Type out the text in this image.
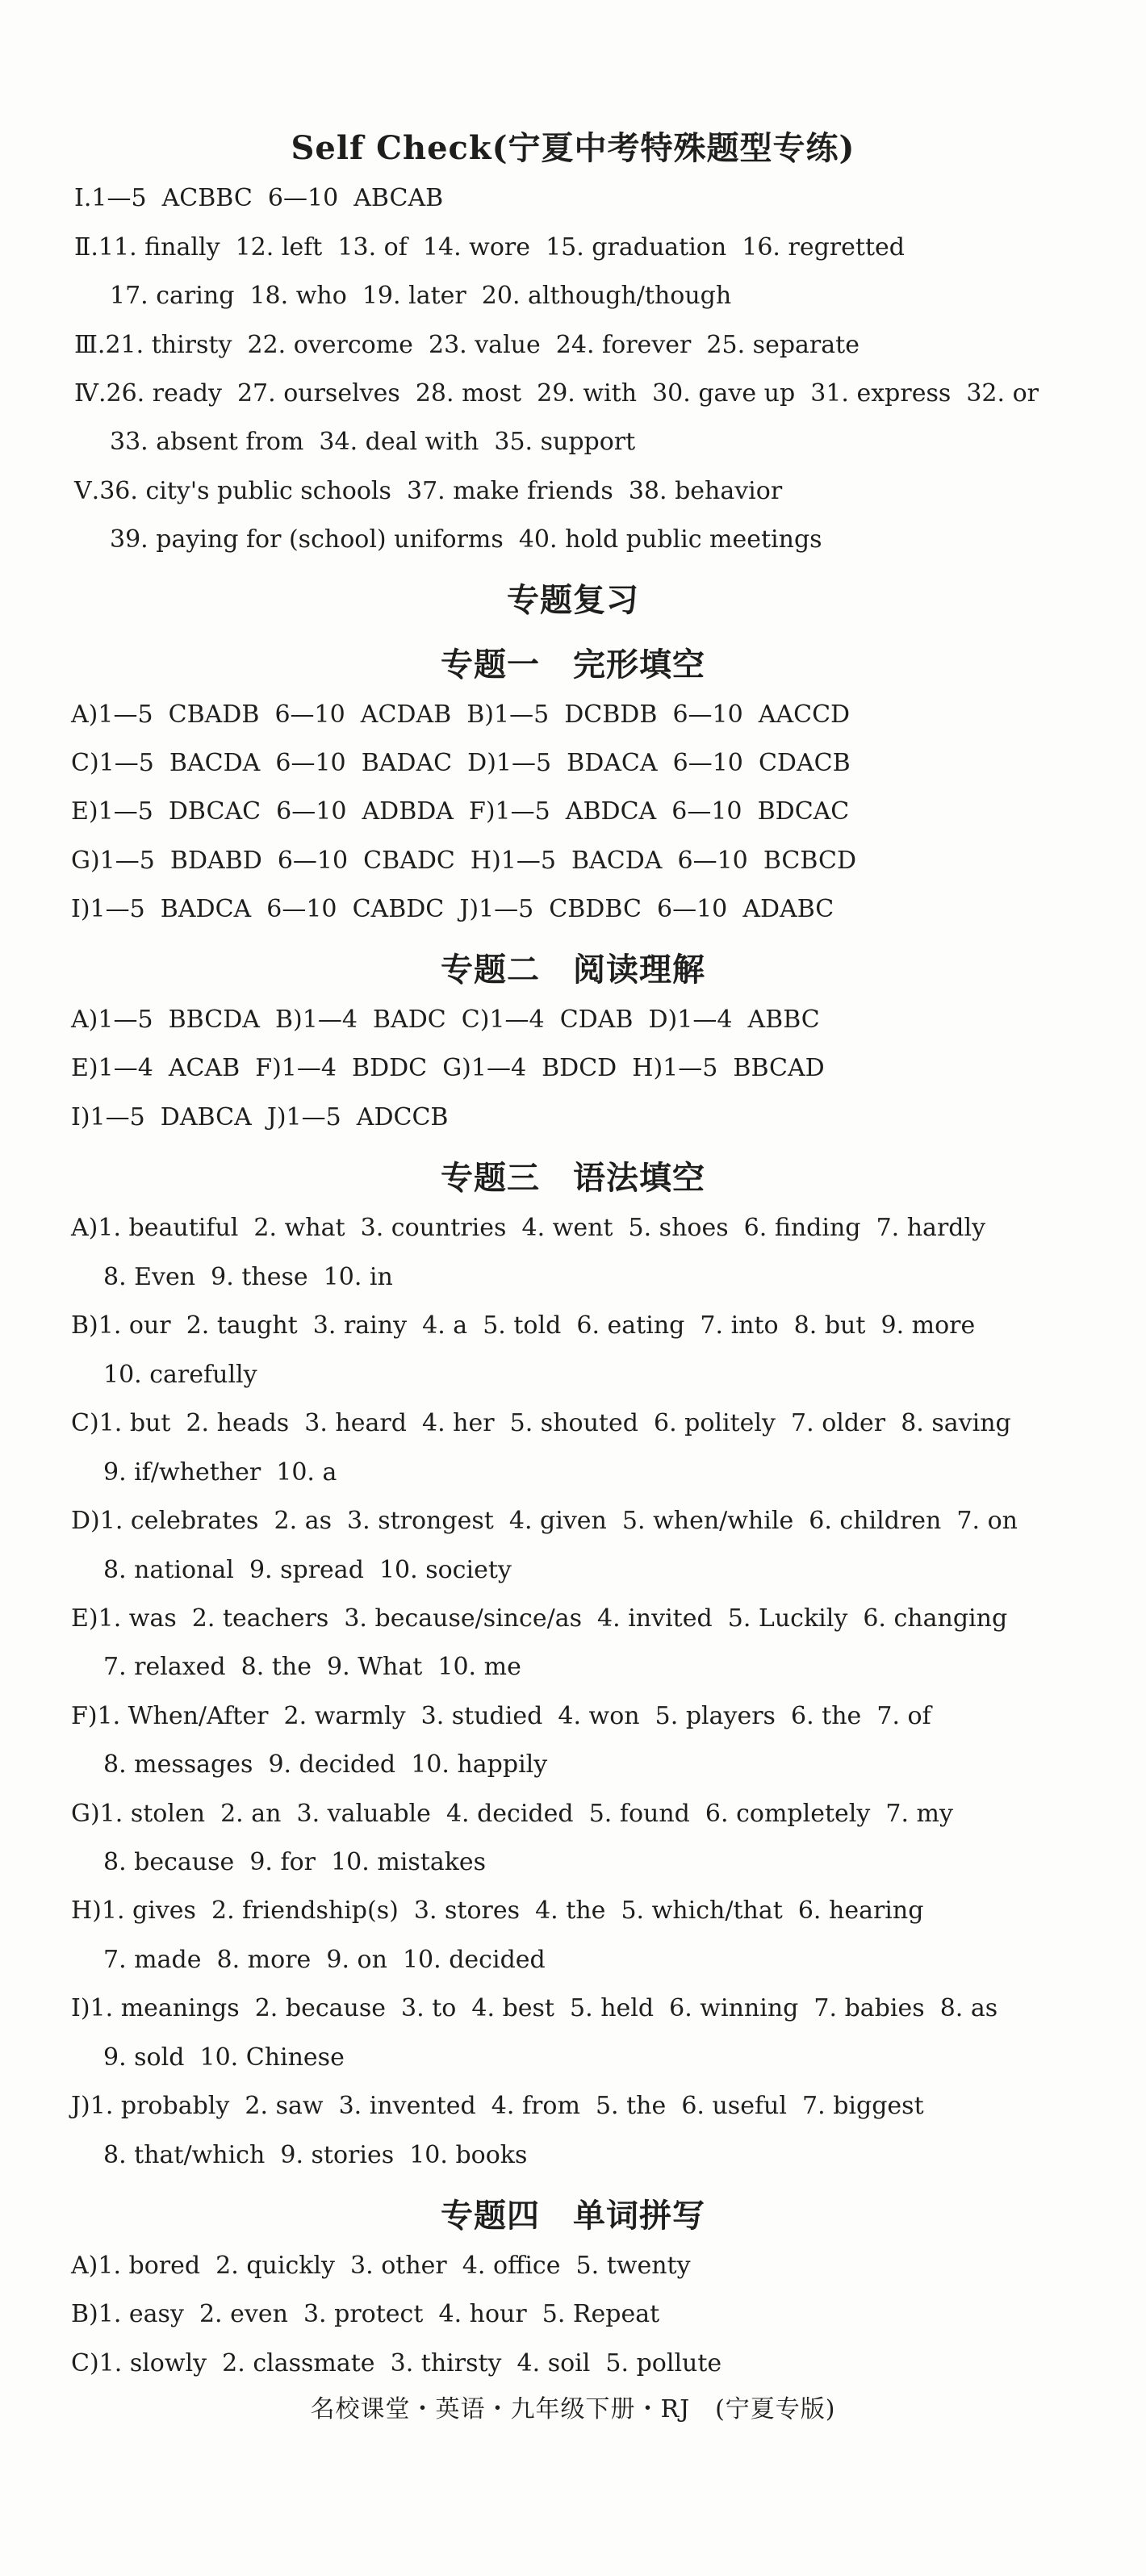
Self Check(宁夏中考特殊题型专练)
Ⅰ.1—5  ACBBC  6—10  ABCAB
Ⅱ.11. finally  12. left  13. of  14. wore  15. graduation  16. regretted
17. caring  18. who  19. later  20. although/though
Ⅲ.21. thirsty  22. overcome  23. value  24. forever  25. separate
Ⅳ.26. ready  27. ourselves  28. most  29. with  30. gave up  31. express  32. or
33. absent from  34. deal with  35. support
Ⅴ.36. city's public schools  37. make friends  38. behavior
39. paying for (school) uniforms  40. hold public meetings
专题复习
专题一　完形填空
A)1—5  CBADB  6—10  ACDAB  B)1—5  DCBDB  6—10  AACCD
C)1—5  BACDA  6—10  BADAC  D)1—5  BDACA  6—10  CDACB
E)1—5  DBCAC  6—10  ADBDA  F)1—5  ABDCA  6—10  BDCAC
G)1—5  BDABD  6—10  CBADC  H)1—5  BACDA  6—10  BCBCD
I)1—5  BADCA  6—10  CABDC  J)1—5  CBDBC  6—10  ADABC
专题二　阅读理解
A)1—5  BBCDA  B)1—4  BADC  C)1—4  CDAB  D)1—4  ABBC
E)1—4  ACAB  F)1—4  BDDC  G)1—4  BDCD  H)1—5  BBCAD
I)1—5  DABCA  J)1—5  ADCCB
专题三　语法填空
A)1. beautiful  2. what  3. countries  4. went  5. shoes  6. finding  7. hardly
8. Even  9. these  10. in
B)1. our  2. taught  3. rainy  4. a  5. told  6. eating  7. into  8. but  9. more
10. carefully
C)1. but  2. heads  3. heard  4. her  5. shouted  6. politely  7. older  8. saving
9. if/whether  10. a
D)1. celebrates  2. as  3. strongest  4. given  5. when/while  6. children  7. on
8. national  9. spread  10. society
E)1. was  2. teachers  3. because/since/as  4. invited  5. Luckily  6. changing
7. relaxed  8. the  9. What  10. me
F)1. When/After  2. warmly  3. studied  4. won  5. players  6. the  7. of
8. messages  9. decided  10. happily
G)1. stolen  2. an  3. valuable  4. decided  5. found  6. completely  7. my
8. because  9. for  10. mistakes
H)1. gives  2. friendship(s)  3. stores  4. the  5. which/that  6. hearing
7. made  8. more  9. on  10. decided
I)1. meanings  2. because  3. to  4. best  5. held  6. winning  7. babies  8. as
9. sold  10. Chinese
J)1. probably  2. saw  3. invented  4. from  5. the  6. useful  7. biggest
8. that/which  9. stories  10. books
专题四　单词拼写
A)1. bored  2. quickly  3. other  4. office  5. twenty
B)1. easy  2. even  3. protect  4. hour  5. Repeat
C)1. slowly  2. classmate  3. thirsty  4. soil  5. pollute
名校课堂・英语・九年级下册・RJ　(宁夏专版)
